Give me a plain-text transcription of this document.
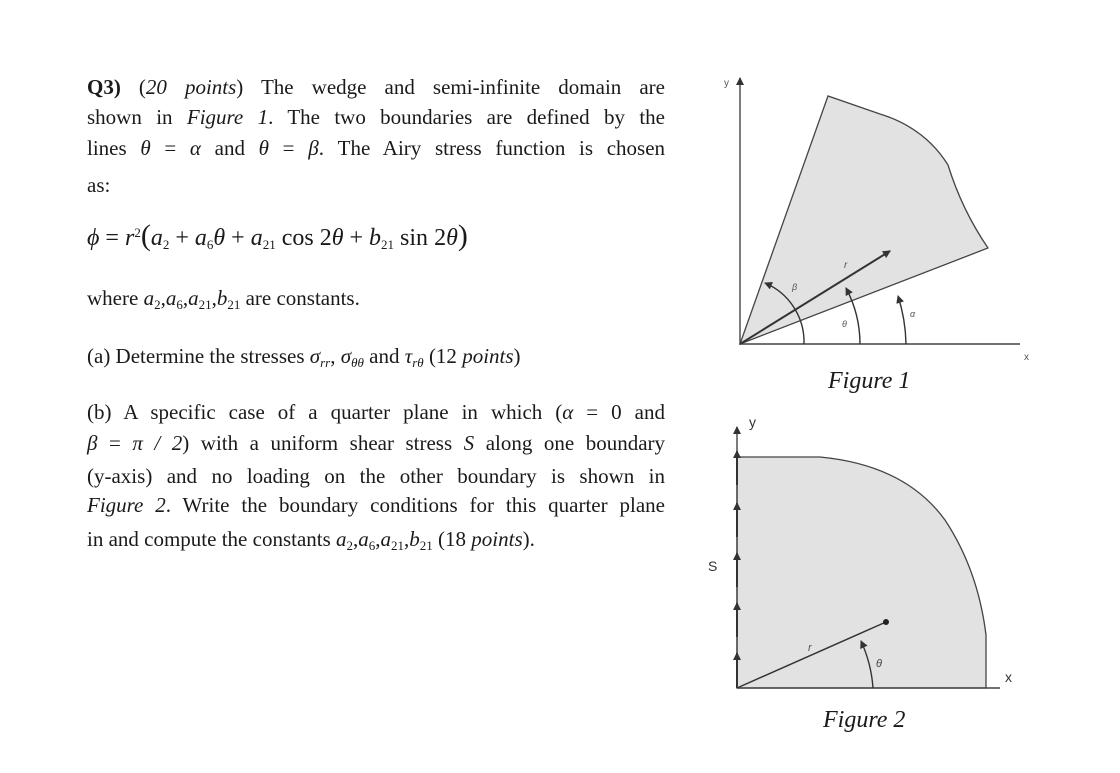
Q3) (20 points) The wedge and semi-infinite domain are
shown in Figure 1. The two boundaries are defined by the
lines θ = α and θ = β. The Airy stress function is chosen
as:
$\phi = r^2(a_2 + a_6\theta + a_{21}$ $\cos 2\theta + b_{21}$ sin 2θ)
where $a_2,a_6,a_{21},b_{21}$ are constants.
(a) Determine the stresses $\sigma_{rr}$, $\sigma_{\theta\theta}$ and $\tau_{r\theta}$ (12 points)
(b) A specific case of a quarter plane in which (α = 0 and
β = π / 2) with a uniform shear stress S along one boundary
(y-axis) and no loading on the other boundary is shown in
Figure 2. Write the boundary conditions for this quarter plane
in and compute the constants $a_2,a_6,a_{21},b_{21}$ (18 points).
y
x
r
β
θ
α
Figure 1
y
x
S
r
θ
Figure 2
